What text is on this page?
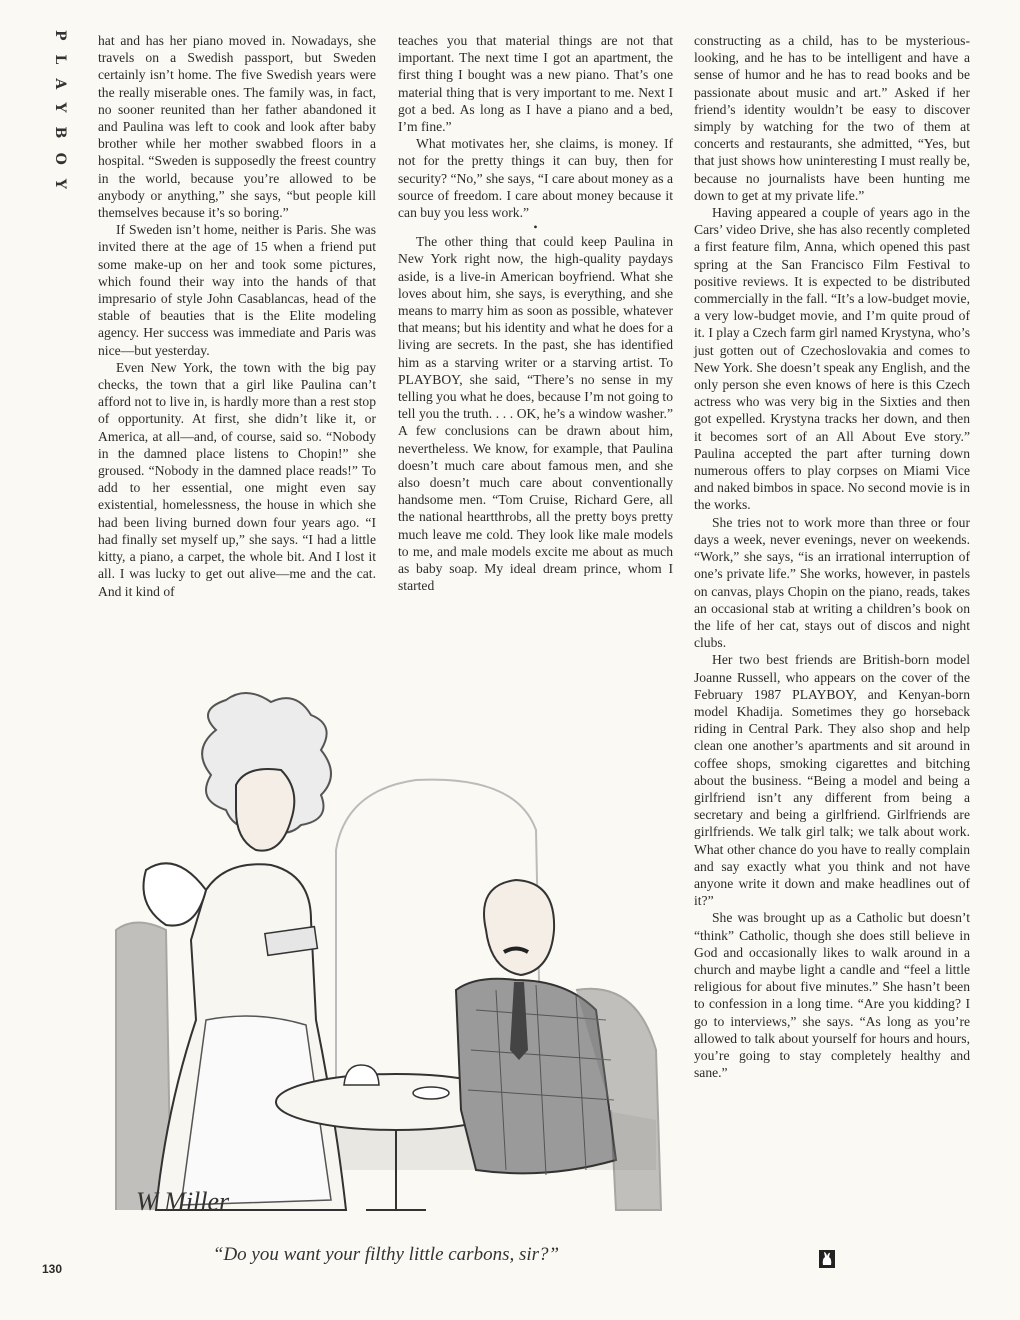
PLAYBOY hat and has her piano moved in. Nowadays, she travels on a Swedish passport, but Sweden certainly isn’t home. The five Swedish years were the really miserable ones. The family was, in fact, no sooner reunited than her father abandoned it and Paulina was left to cook and look after baby brother while her mother swabbed floors in a hospital. “Sweden is supposedly the freest country in the world, because you’re allowed to be anybody or anything,” she says, “but people kill themselves because it’s so boring.”

If Sweden isn’t home, neither is Paris. She was invited there at the age of 15 when a friend put some make-up on her and took some pictures, which found their way into the hands of that impresario of style John Casablancas, head of the stable of beauties that is the Elite modeling agency. Her success was immediate and Paris was nice—but yesterday.

Even New York, the town with the big pay checks, the town that a girl like Paulina can’t afford not to live in, is hardly more than a rest stop of opportunity. At first, she didn’t like it, or America, at all—and, of course, said so. “Nobody in the damned place listens to Chopin!” she groused. “Nobody in the damned place reads!” To add to her essential, one might even say existential, homelessness, the house in which she had been living burned down four years ago. “I had finally set myself up,” she says. “I had a little kitty, a piano, a carpet, the whole bit. And I lost it all. I was lucky to get out alive—me and the cat. And it kind of

teaches you that material things are not that important. The next time I got an apartment, the first thing I bought was a new piano. That’s one material thing that is very important to me. Next I got a bed. As long as I have a piano and a bed, I’m fine.”

What motivates her, she claims, is money. If not for the pretty things it can buy, then for security? “No,” she says, “I care about money as a source of freedom. I care about money because it can buy you less work.”

•

The other thing that could keep Paulina in New York right now, the high-quality paydays aside, is a live-in American boyfriend. What she loves about him, she says, is everything, and she means to marry him as soon as possible, whatever that means; but his identity and what he does for a living are secrets. In the past, she has identified him as a starving writer or a starving artist. To PLAYBOY, she said, “There’s no sense in my telling you what he does, because I’m not going to tell you the truth. . . . OK, he’s a window washer.” A few conclusions can be drawn about him, nevertheless. We know, for example, that Paulina doesn’t much care about famous men, and she also doesn’t much care about conventionally handsome men. “Tom Cruise, Richard Gere, all the national heartthrobs, all the pretty boys pretty much leave me cold. They look like male models to me, and male models excite me about as much as baby soap. My ideal dream prince, whom I started

constructing as a child, has to be mysterious-looking, and he has to be intelligent and have a sense of humor and he has to read books and be passionate about music and art.” Asked if her friend’s identity wouldn’t be easy to discover simply by watching for the two of them at concerts and restaurants, she admitted, “Yes, but that just shows how uninteresting I must really be, because no journalists have been hunting me down to get at my private life.”

Having appeared a couple of years ago in the Cars’ video Drive, she has also recently completed a first feature film, Anna, which opened this past spring at the San Francisco Film Festival to positive reviews. It is expected to be distributed commercially in the fall. “It’s a low-budget movie, a very low-budget movie, and I’m quite proud of it. I play a Czech farm girl named Krystyna, who’s just gotten out of Czechoslovakia and comes to New York. She doesn’t speak any English, and the only person she even knows of here is this Czech actress who was very big in the Sixties and then got expelled. Krystyna tracks her down, and then it becomes sort of an All About Eve story.” Paulina accepted the part after turning down numerous offers to play corpses on Miami Vice and naked bimbos in space. No second movie is in the works.

She tries not to work more than three or four days a week, never evenings, never on weekends. “Work,” she says, “is an irrational interruption of one’s private life.” She works, however, in pastels on canvas, plays Chopin on the piano, reads, takes an occasional stab at writing a children’s book on the life of her cat, stays out of discos and night clubs.

Her two best friends are British-born model Joanne Russell, who appears on the cover of the February 1987 PLAYBOY, and Kenyan-born model Khadija. Sometimes they go horseback riding in Central Park. They also shop and help clean one another’s apartments and sit around in coffee shops, smoking cigarettes and bitching about the business. “Being a model and being a girlfriend isn’t any different from being a secretary and being a girlfriend. Girlfriends are girlfriends. We talk girl talk; we talk about work. What other chance do you have to really complain and say exactly what you think and not have anyone write it down and make headlines out of it?”

She was brought up as a Catholic but doesn’t “think” Catholic, though she does still believe in God and occasionally likes to walk around in a church and maybe light a candle and “feel a little religious for about five minutes.” She hasn’t been to confession in a long time. “Are you kidding? I go to interviews,” she says. “As long as you’re allowed to talk about yourself for hours and hours, you’re going to stay completely healthy and sane.”

W Miller
“Do you want your filthy little carbons, sir?”
130
